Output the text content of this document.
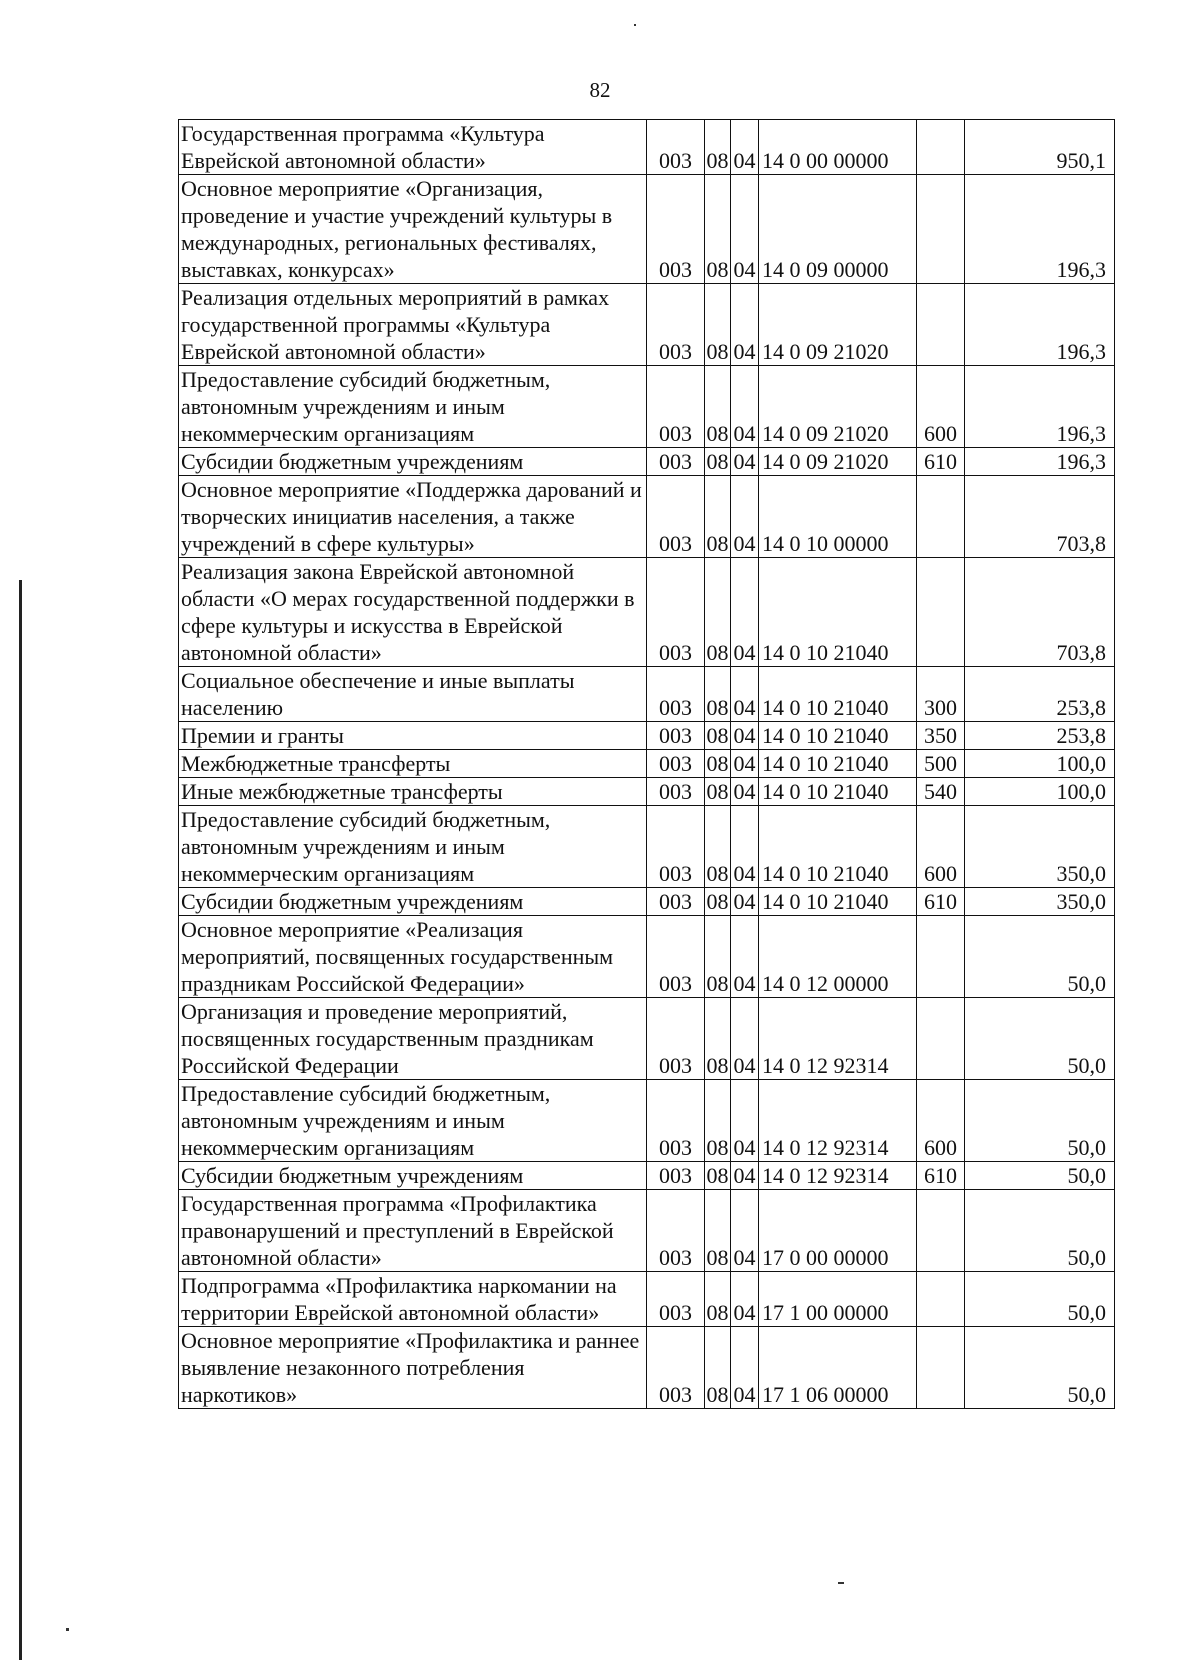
82
Государственная программа «Культура Еврейской автономной области»	003	08	04	14 0 00 00000		950,1
Основное мероприятие «Организация, проведение и участие учреждений культуры в международных, региональных фестивалях, выставках, конкурсах»	003	08	04	14 0 09 00000		196,3
Реализация отдельных мероприятий в рамках государственной программы «Культура Еврейской автономной области»	003	08	04	14 0 09 21020		196,3
Предоставление субсидий бюджетным, автономным учреждениям и иным некоммерческим организациям	003	08	04	14 0 09 21020	600	196,3
Субсидии бюджетным учреждениям	003	08	04	14 0 09 21020	610	196,3
Основное мероприятие «Поддержка дарований и творческих инициатив населения, а также учреждений в сфере культуры»	003	08	04	14 0 10 00000		703,8
Реализация закона Еврейской автономной области «О мерах государственной поддержки в сфере культуры и искусства в Еврейской автономной области»	003	08	04	14 0 10 21040		703,8
Социальное обеспечение и иные выплаты населению	003	08	04	14 0 10 21040	300	253,8
Премии и гранты	003	08	04	14 0 10 21040	350	253,8
Межбюджетные трансферты	003	08	04	14 0 10 21040	500	100,0
Иные межбюджетные трансферты	003	08	04	14 0 10 21040	540	100,0
Предоставление субсидий бюджетным, автономным учреждениям и иным некоммерческим организациям	003	08	04	14 0 10 21040	600	350,0
Субсидии бюджетным учреждениям	003	08	04	14 0 10 21040	610	350,0
Основное мероприятие «Реализация мероприятий, посвященных государственным праздникам Российской Федерации»	003	08	04	14 0 12 00000		50,0
Организация и проведение мероприятий, посвященных государственным праздникам Российской Федерации	003	08	04	14 0 12 92314		50,0
Предоставление субсидий бюджетным, автономным учреждениям и иным некоммерческим организациям	003	08	04	14 0 12 92314	600	50,0
Субсидии бюджетным учреждениям	003	08	04	14 0 12 92314	610	50,0
Государственная программа «Профилактика правонарушений и преступлений в Еврейской автономной области»	003	08	04	17 0 00 00000		50,0
Подпрограмма «Профилактика наркомании на территории Еврейской автономной области»	003	08	04	17 1 00 00000		50,0
Основное мероприятие «Профилактика и раннее выявление незаконного потребления наркотиков»	003	08	04	17 1 06 00000		50,0
